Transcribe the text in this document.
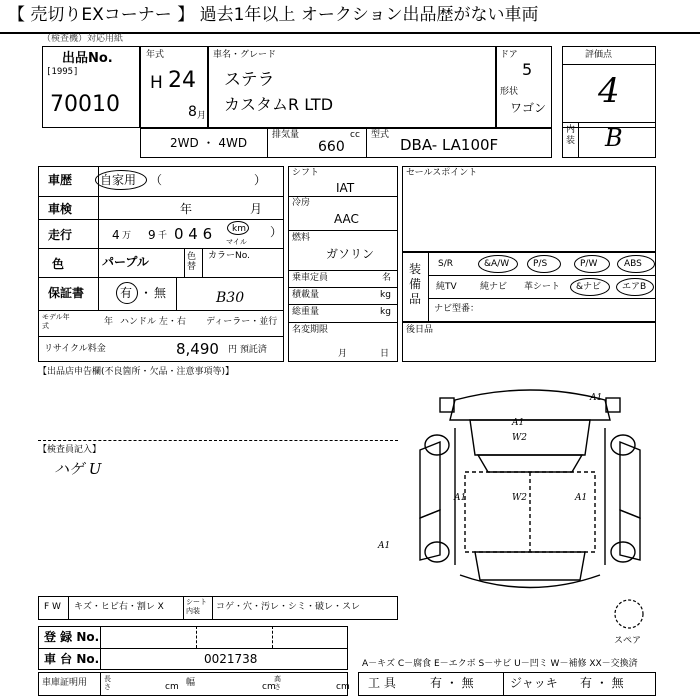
【 売切りEXコーナー 】 過去1年以上 オークション出品歴がない車両
（検查機）対応用紙
出品No.
[1995]
70010
年式
H 24
8 月
車名・グレード
ステラ
カスタムR LTD
ドア
5
形状
ワゴン
評価点
4
内装 B
2WD ・ 4WD
排気量	cc
660
型式
DBA- LA100F
車歴 自家用 （	）
車検	年	月
走行	4 万 9 千 0 4 6 km
マイル
）
色	パープル	色替
カラーNo.
B30
保証書	有 ・ 無
モデル年式	年 ハンドル 左・右 ディーラー・並行
リサイクル料金	8,490 円 預託済
シフト
IAT
冷房
AAC
燃料
ガソリン
乗車定員	名
積載量	kg
総重量	kg
名変期限
月	日
セールスポイント
装備品
S/R	&A/W	P/S	P/W	ABS
純TV	純ナビ 革シート &ナビ エアB
ナビ型番：
後日品
【出品店申告欄(不良箇所・欠品・注意事項等)】
【検査員記入】
ハゲ U
A1
A1
W2
A1	W2	A1
A1
スペア
F W キズ・ヒビ右・割レ X	シート内装	コゲ・穴・汚レ・シミ・破レ・スレ
登 録 No.
車 台 No.	0021738	A－キズ C－腐食 E－エクボ S－サビ U－凹ミ W－補修 XX－交換済
車庫証明用 長さ	cm 幅	cm
高さ	cm 工 具	有 ・ 無	ジャッキ 有 ・ 無
